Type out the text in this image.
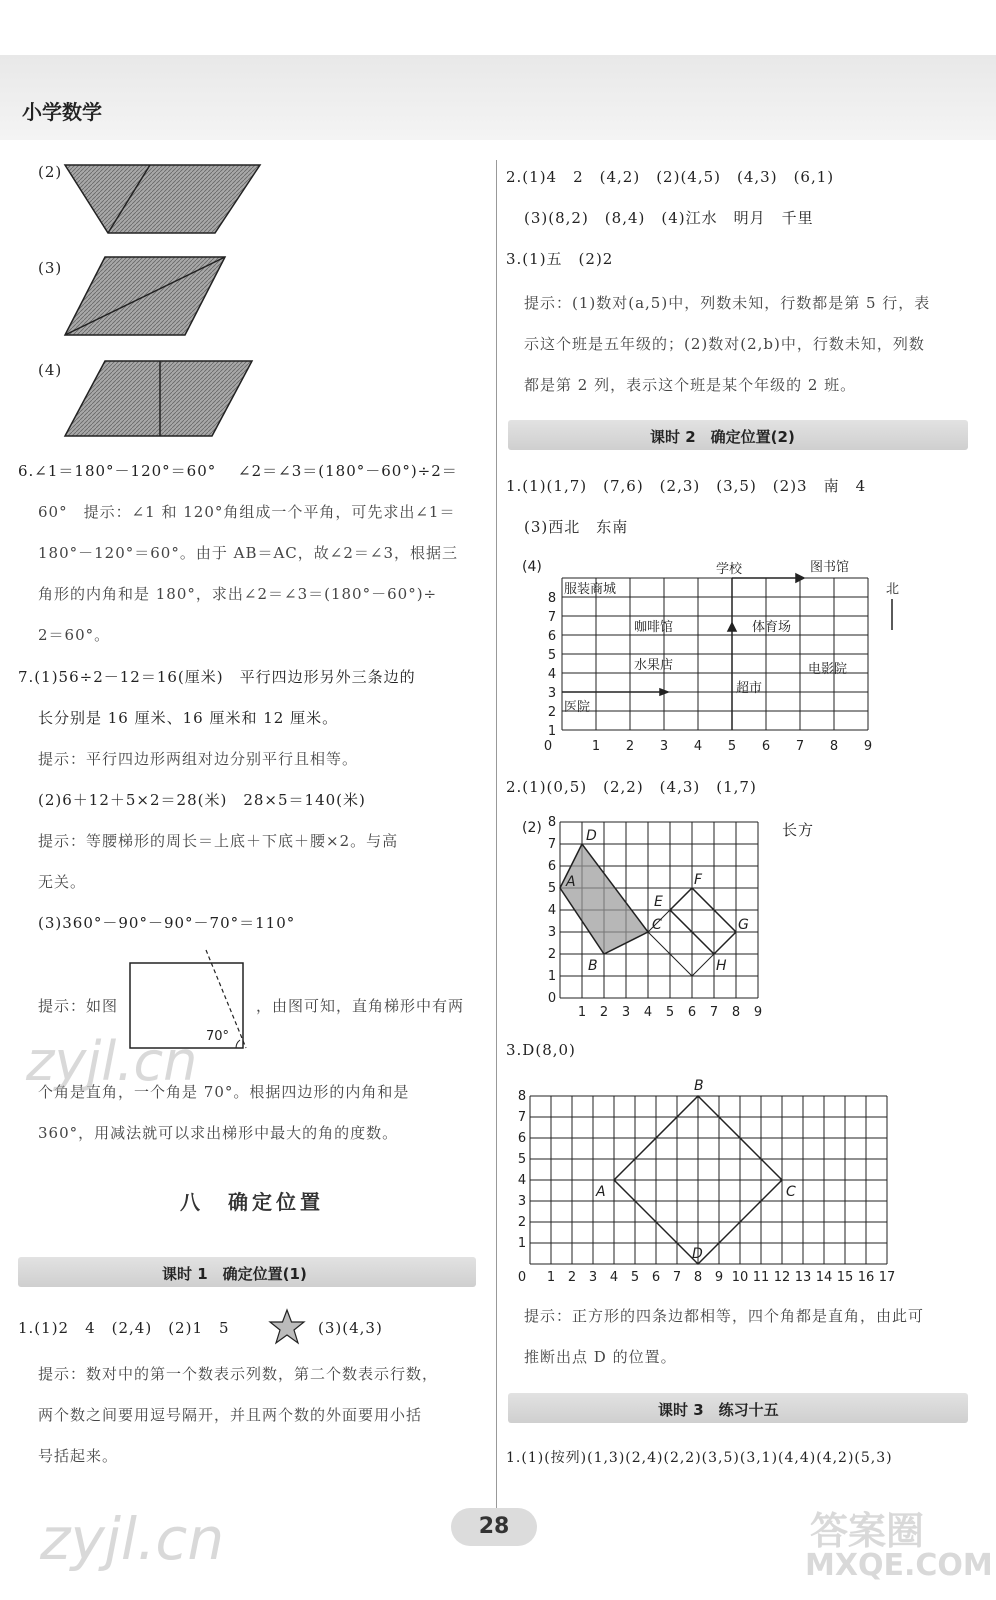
小学数学
(2)
(3)
(4)
6.∠1＝180°－120°＝60°　 ∠2＝∠3＝(180°－60°)÷2＝
60°　提示：∠1 和 120°角组成一个平角，可先求出∠1＝
180°－120°＝60°。由于 AB＝AC，故∠2＝∠3，根据三
角形的内角和是 180°，求出∠2＝∠3＝(180°－60°)÷
2＝60°。
7.(1)56÷2－12＝16(厘米)　平行四边形另外三条边的
长分别是 16 厘米、16 厘米和 12 厘米。
提示：平行四边形两组对边分别平行且相等。
(2)6＋12＋5×2＝28(米)　28×5＝140(米)
提示：等腰梯形的周长＝上底＋下底＋腰×2。与高
无关。
(3)360°－90°－90°－70°＝110°
提示：如图
70°
，由图可知，直角梯形中有两
个角是直角，一个角是 70°。根据四边形的内角和是
360°，用减法就可以求出梯形中最大的角的度数。
八　确定位置
课时 1　确定位置(1)
1.(1)2　4　(2,4)　(2)1　5	(3)(4,3)
提示：数对中的第一个数表示列数，第二个数表示行数，
两个数之间要用逗号隔开，并且两个数的外面要用小括
号括起来。
2.(1)4　2　(4,2)　(2)(4,5)　(4,3)　(6,1)
(3)(8,2)　(8,4)　(4)江水　明月　千里
3.(1)五　(2)2
提示：(1)数对(a,5)中，列数未知，行数都是第 5 行，表
示这个班是五年级的；(2)数对(2,b)中，行数未知，列数
都是第 2 列，表示这个班是某个年级的 2 班。
课时 2　确定位置(2)
1.(1)(1,7)　(7,6)　(2,3)　(3,5)　(2)3　南　4
(3)西北　东南
(4)
服装商城
咖啡馆
水果店
医院
学校	图书馆
体育场
电影院
超市
北
0	1 2 3 4 5 6 7 8 9
1
2
3
4
5
6
7
8
2.(1)(0,5)　(2,2)　(4,3)　(1,7)
(2)	D
A
B
C
E
F
G
H
0
1
2
3
4
5
6
7
8
1 2 3 4 5 6 7 8 9
长方
3.D(8,0)
B
A	C
D
1
2
3
4
5
6
7
8
0 1 2 3 4 5 6 7 8 9 10 11 12 13 14 15 16 17
提示：正方形的四条边都相等，四个角都是直角，由此可
推断出点 D 的位置。
课时 3　练习十五
1.(1)(按列)(1,3)(2,4)(2,2)(3,5)(3,1)(4,4)(4,2)(5,3)
28
zyjl.cn
zyjl.cn	答案圈
MXQE.COM
